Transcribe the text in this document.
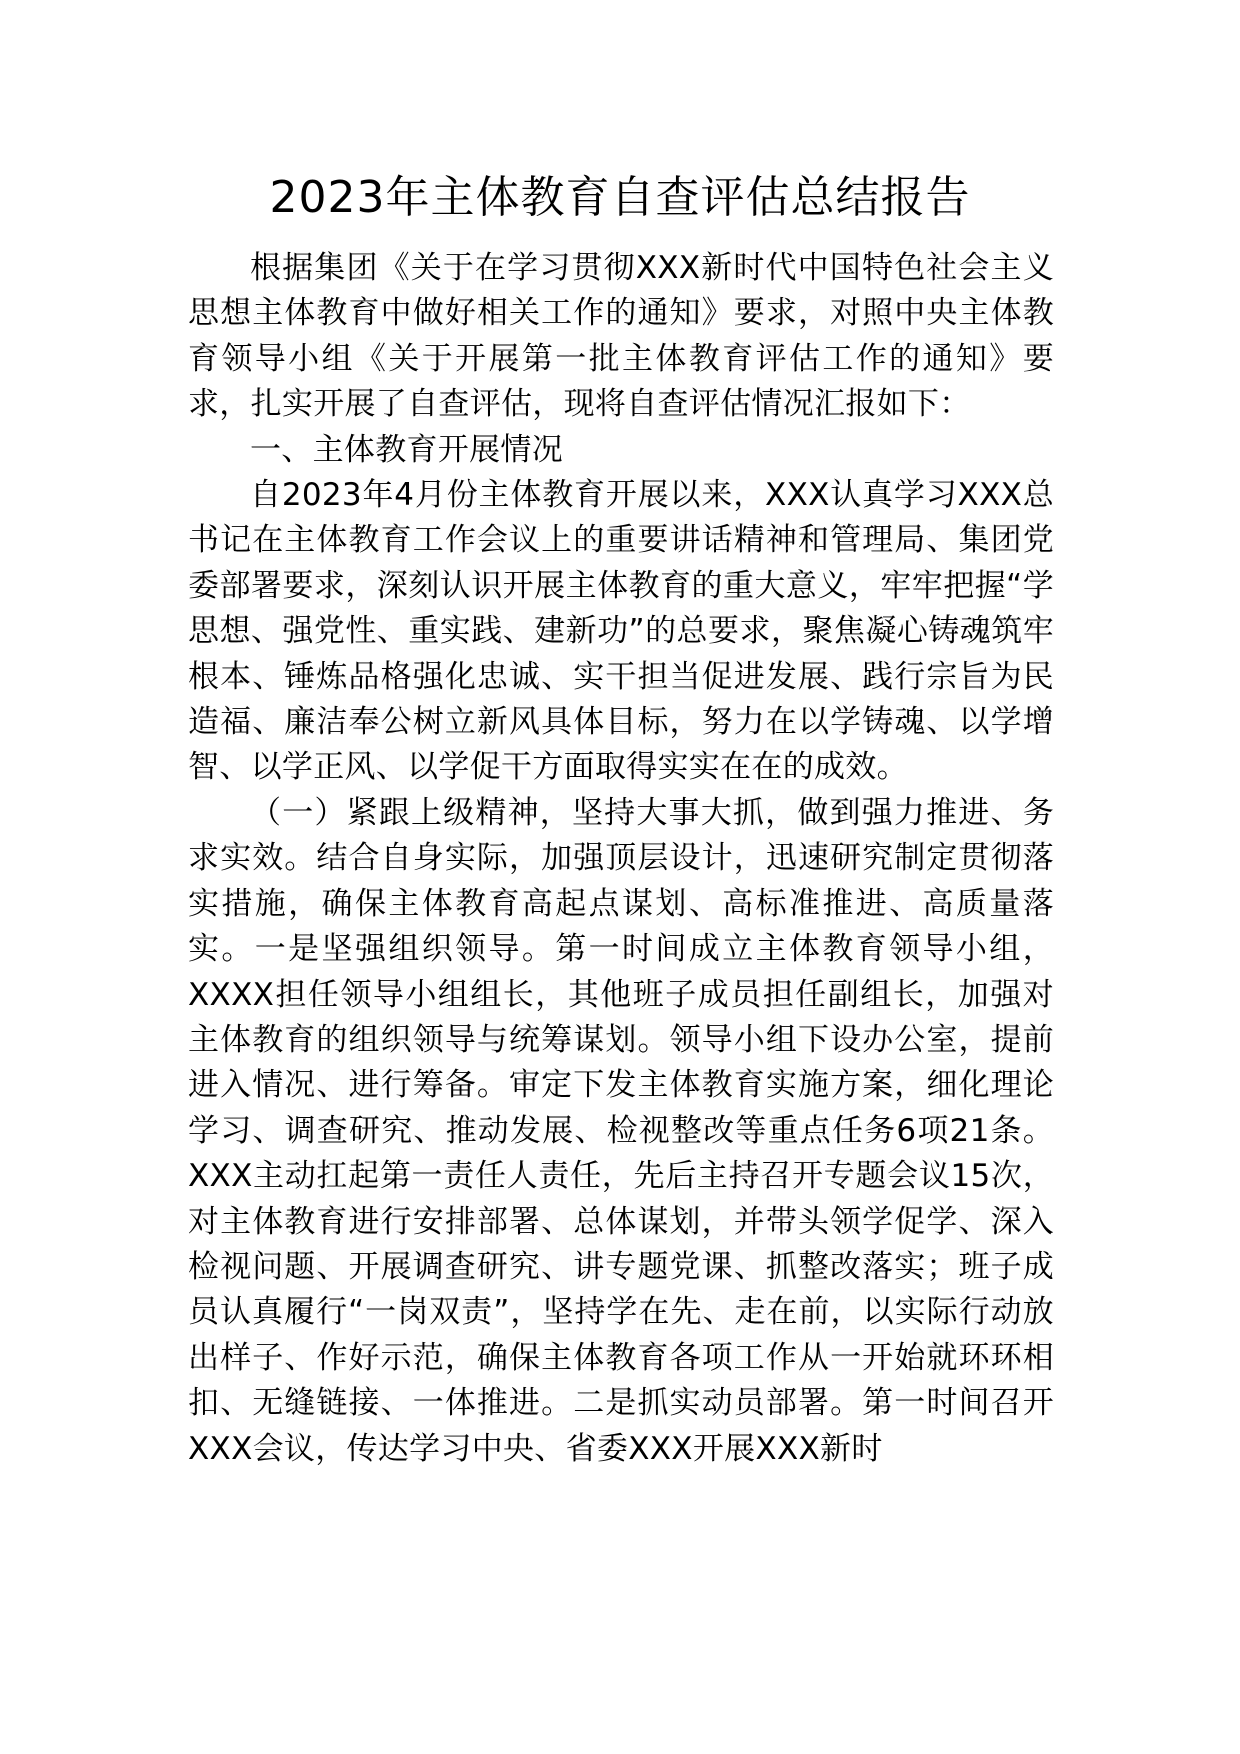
2023年主体教育自查评估总结报告

根据集团《关于在学习贯彻XXX新时代中国特色社会主义思想主体教育中做好相关工作的通知》要求，对照中央主体教育领导小组《关于开展第一批主体教育评估工作的通知》要求，扎实开展了自查评估，现将自查评估情况汇报如下：

一、主体教育开展情况

自2023年4月份主体教育开展以来，XXX认真学习XXX总书记在主体教育工作会议上的重要讲话精神和管理局、集团党委部署要求，深刻认识开展主体教育的重大意义，牢牢把握“学思想、强党性、重实践、建新功”的总要求，聚焦凝心铸魂筑牢根本、锤炼品格强化忠诚、实干担当促进发展、践行宗旨为民造福、廉洁奉公树立新风具体目标，努力在以学铸魂、以学增智、以学正风、以学促干方面取得实实在在的成效。

（一）紧跟上级精神，坚持大事大抓，做到强力推进、务求实效。结合自身实际，加强顶层设计，迅速研究制定贯彻落实措施，确保主体教育高起点谋划、高标准推进、高质量落实。一是坚强组织领导。第一时间成立主体教育领导小组，XXXX担任领导小组组长，其他班子成员担任副组长，加强对主体教育的组织领导与统筹谋划。领导小组下设办公室，提前进入情况、进行筹备。审定下发主体教育实施方案，细化理论学习、调查研究、推动发展、检视整改等重点任务6项21条。XXX主动扛起第一责任人责任，先后主持召开专题会议15次，对主体教育进行安排部署、总体谋划，并带头领学促学、深入检视问题、开展调查研究、讲专题党课、抓整改落实；班子成员认真履行“一岗双责”，坚持学在先、走在前，以实际行动放出样子、作好示范，确保主体教育各项工作从一开始就环环相扣、无缝链接、一体推进。二是抓实动员部署。第一时间召开XXX会议，传达学习中央、省委XXX开展XXX新时
